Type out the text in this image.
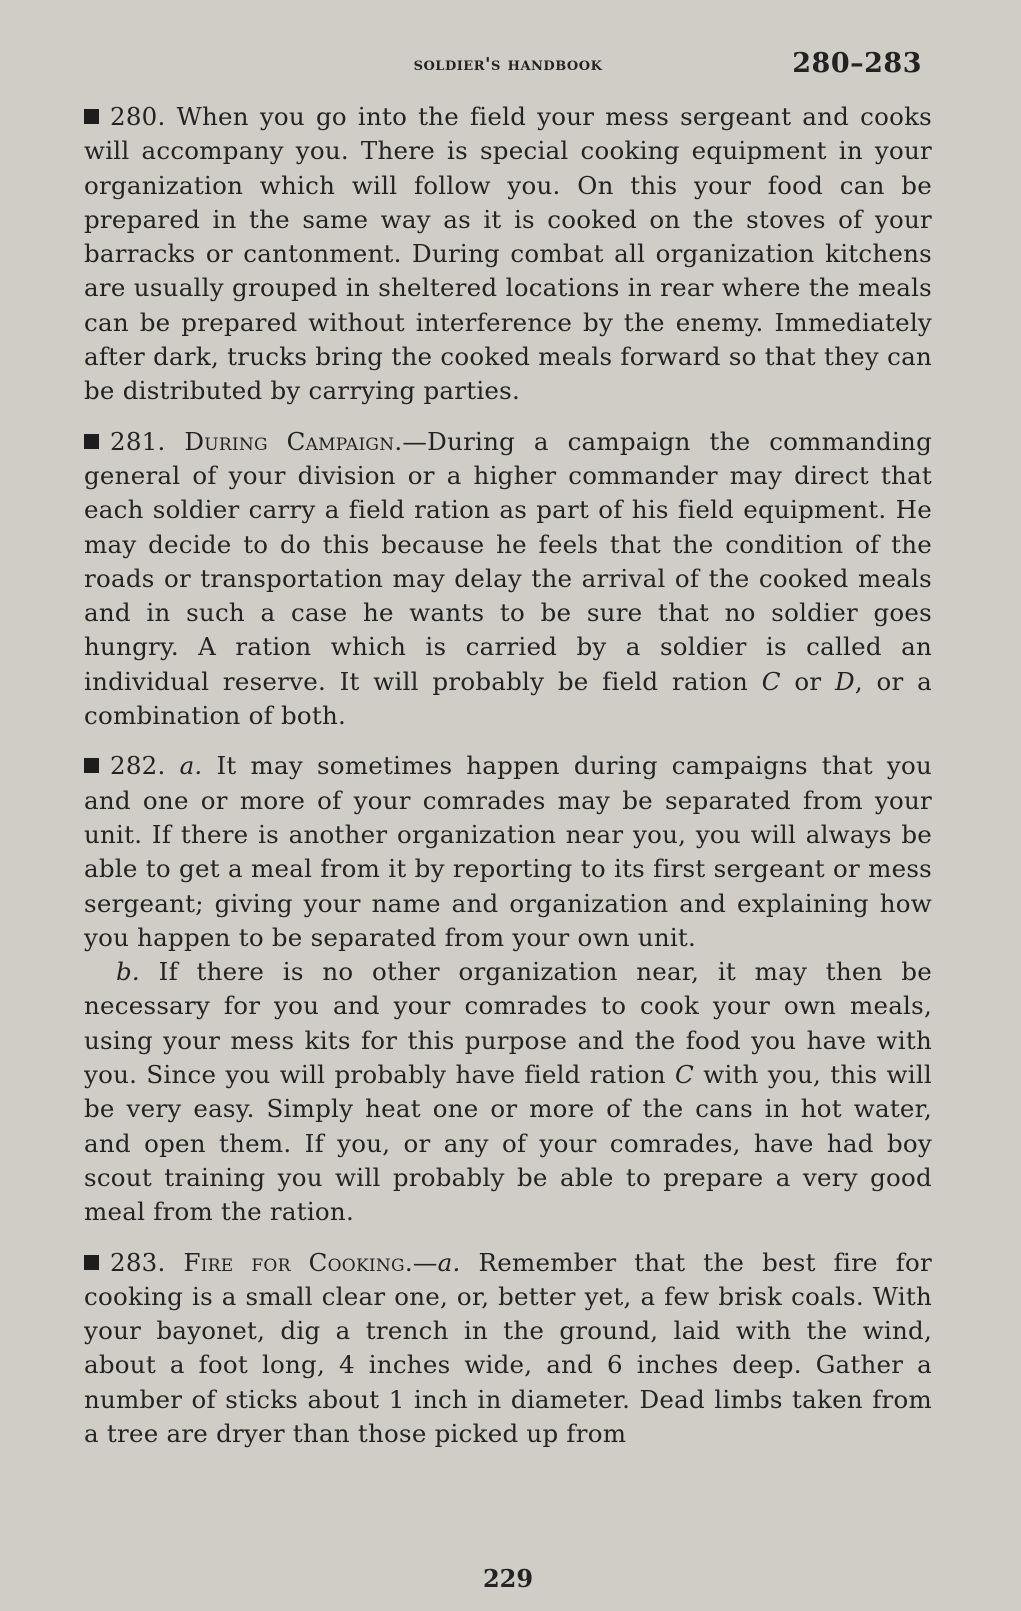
soldier's handbook	280–283

280. When you go into the field your mess sergeant and cooks will accompany you. There is special cooking equipment in your organization which will follow you. On this your food can be prepared in the same way as it is cooked on the stoves of your barracks or cantonment. During combat all organization kitchens are usually grouped in sheltered locations in rear where the meals can be prepared without interference by the enemy. Immediately after dark, trucks bring the cooked meals forward so that they can be distributed by carrying parties.

281. During Campaign.—During a campaign the commanding general of your division or a higher commander may direct that each soldier carry a field ration as part of his field equipment. He may decide to do this because he feels that the condition of the roads or transportation may delay the arrival of the cooked meals and in such a case he wants to be sure that no soldier goes hungry. A ration which is carried by a soldier is called an individual reserve. It will probably be field ration C or D, or a combination of both.

282. a. It may sometimes happen during campaigns that you and one or more of your comrades may be separated from your unit. If there is another organization near you, you will always be able to get a meal from it by reporting to its first sergeant or mess sergeant; giving your name and organization and explaining how you happen to be separated from your own unit.

b. If there is no other organization near, it may then be necessary for you and your comrades to cook your own meals, using your mess kits for this purpose and the food you have with you. Since you will probably have field ration C with you, this will be very easy. Simply heat one or more of the cans in hot water, and open them. If you, or any of your comrades, have had boy scout training you will probably be able to prepare a very good meal from the ration.

283. Fire for Cooking.—a. Remember that the best fire for cooking is a small clear one, or, better yet, a few brisk coals. With your bayonet, dig a trench in the ground, laid with the wind, about a foot long, 4 inches wide, and 6 inches deep. Gather a number of sticks about 1 inch in diameter. Dead limbs taken from a tree are dryer than those picked up from

229
